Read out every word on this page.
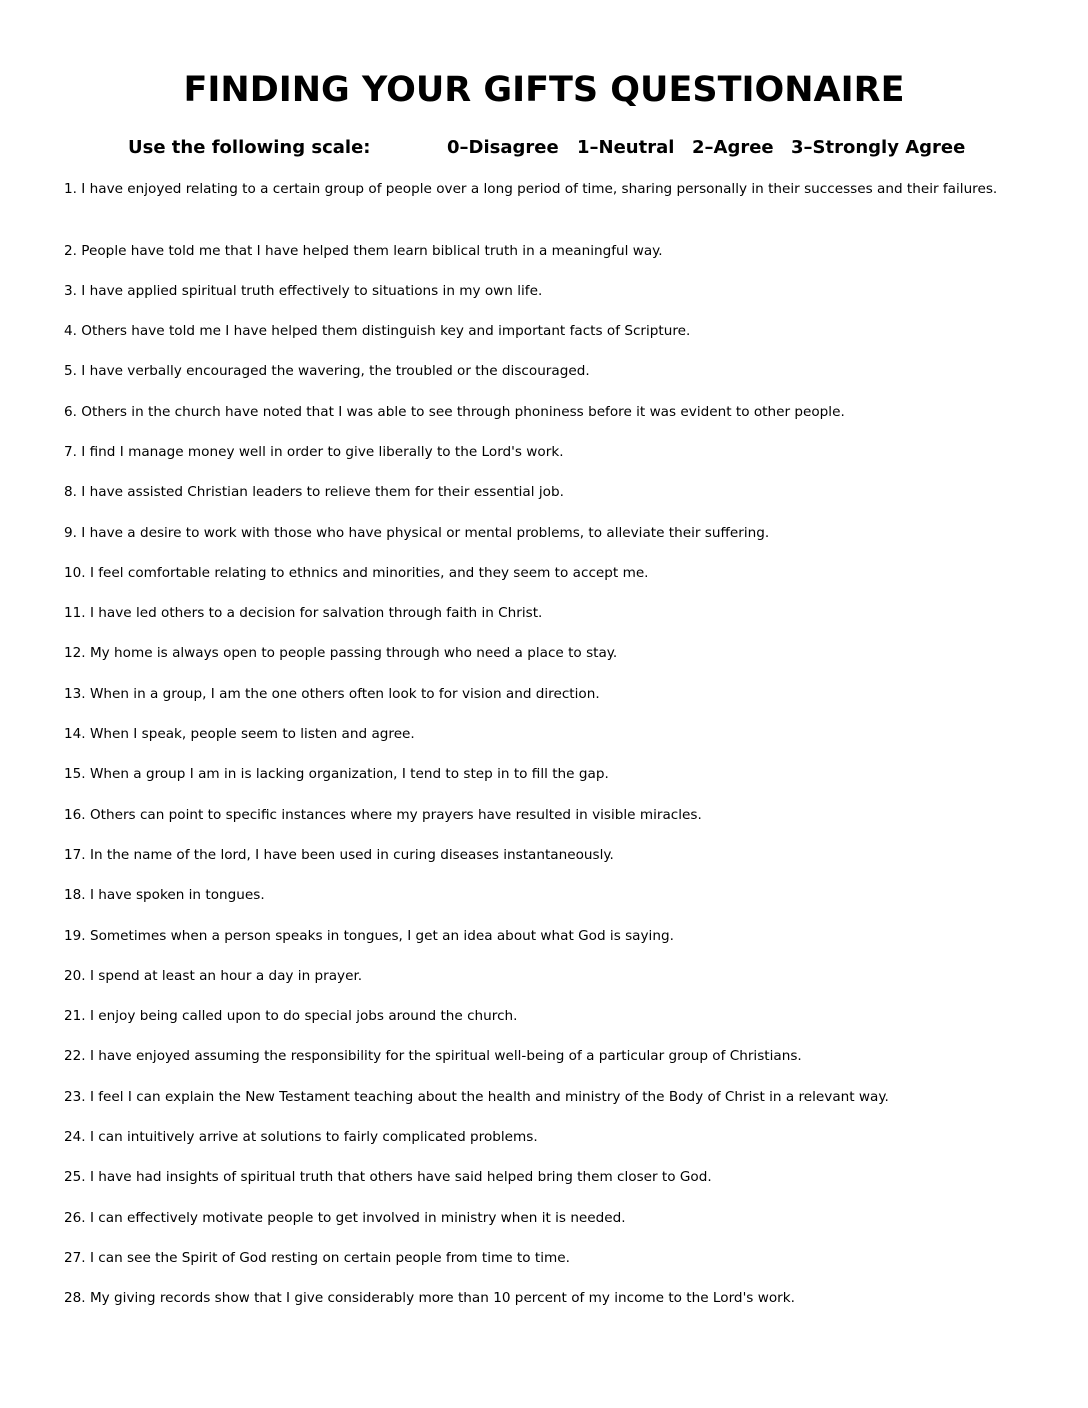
FINDING YOUR GIFTS QUESTIONAIRE
Use the following scale:	0–Disagree 1–Neutral 2–Agree 3–Strongly Agree
1. I have enjoyed relating to a certain group of people over a long period of time, sharing personally in their successes and their failures.
2. People have told me that I have helped them learn biblical truth in a meaningful way.
3. I have applied spiritual truth effectively to situations in my own life.
4. Others have told me I have helped them distinguish key and important facts of Scripture.
5. I have verbally encouraged the wavering, the troubled or the discouraged.
6. Others in the church have noted that I was able to see through phoniness before it was evident to other people.
7. I find I manage money well in order to give liberally to the Lord's work.
8. I have assisted Christian leaders to relieve them for their essential job.
9. I have a desire to work with those who have physical or mental problems, to alleviate their suffering.
10. I feel comfortable relating to ethnics and minorities, and they seem to accept me.
11. I have led others to a decision for salvation through faith in Christ.
12. My home is always open to people passing through who need a place to stay.
13. When in a group, I am the one others often look to for vision and direction.
14. When I speak, people seem to listen and agree.
15. When a group I am in is lacking organization, I tend to step in to fill the gap.
16. Others can point to specific instances where my prayers have resulted in visible miracles.
17. In the name of the lord, I have been used in curing diseases instantaneously.
18. I have spoken in tongues.
19. Sometimes when a person speaks in tongues, I get an idea about what God is saying.
20. I spend at least an hour a day in prayer.
21. I enjoy being called upon to do special jobs around the church.
22. I have enjoyed assuming the responsibility for the spiritual well-being of a particular group of Christians.
23. I feel I can explain the New Testament teaching about the health and ministry of the Body of Christ in a relevant way.
24. I can intuitively arrive at solutions to fairly complicated problems.
25. I have had insights of spiritual truth that others have said helped bring them closer to God.
26. I can effectively motivate people to get involved in ministry when it is needed.
27. I can see the Spirit of God resting on certain people from time to time.
28. My giving records show that I give considerably more than 10 percent of my income to the Lord's work.
